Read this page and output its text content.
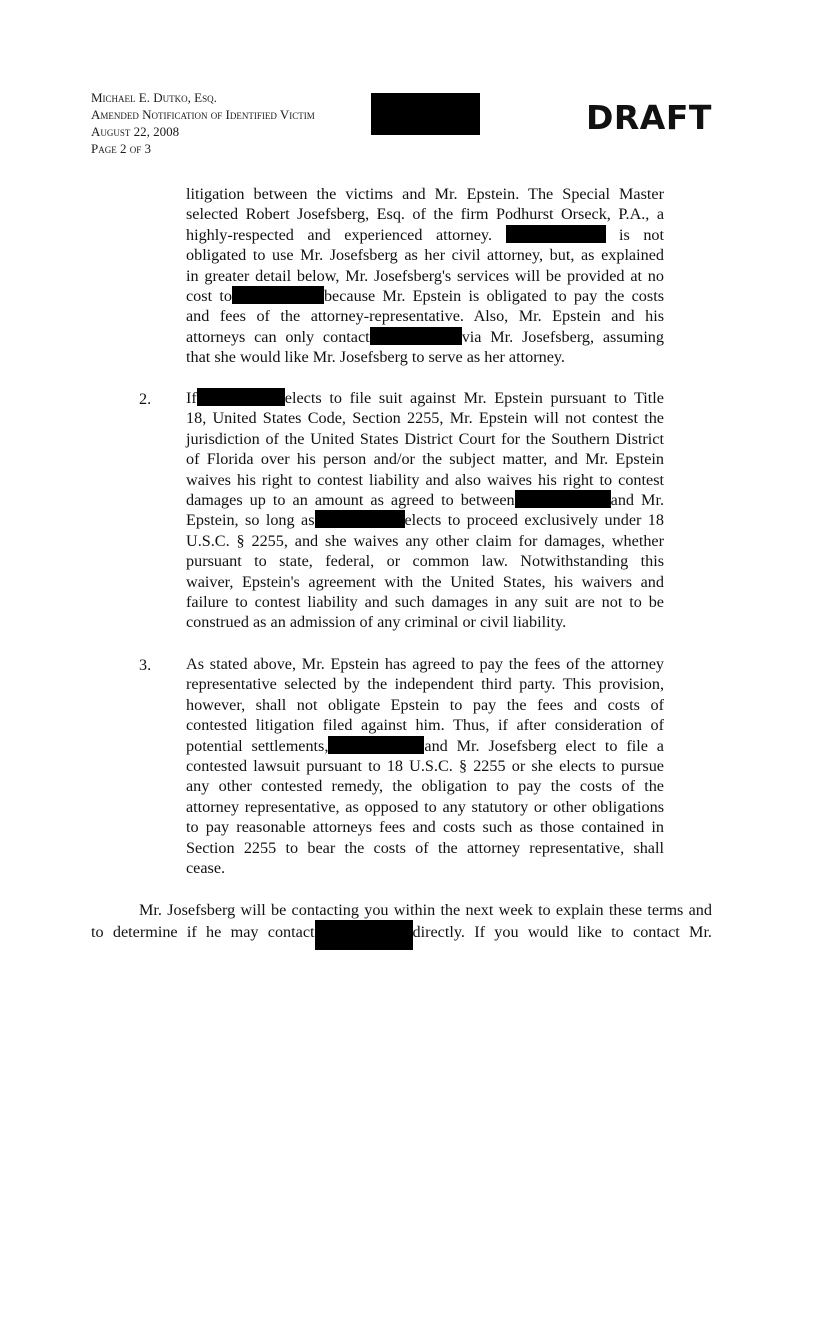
Michael E. Dutko, Esq.
Amended Notification of Identified Victim
August 22, 2008
Page 2 of 3
DRAFT
litigation between the victims and Mr. Epstein. The Special Master
selected Robert Josefsberg, Esq. of the firm Podhurst Orseck, P.A., a
highly-respected and experienced attorney.	is not
obligated to use Mr. Josefsberg as her civil attorney, but, as explained
in greater detail below, Mr. Josefsberg's services will be provided at no
cost to	because Mr. Epstein is obligated to pay the costs
and fees of the attorney-representative. Also, Mr. Epstein and his
attorneys can only contact	via Mr. Josefsberg, assuming
that she would like Mr. Josefsberg to serve as her attorney.
2. If	elects to file suit against Mr. Epstein pursuant to Title
18, United States Code, Section 2255, Mr. Epstein will not contest the
jurisdiction of the United States District Court for the Southern District
of Florida over his person and/or the subject matter, and Mr. Epstein
waives his right to contest liability and also waives his right to contest
damages up to an amount as agreed to between	and Mr.
Epstein, so long as	elects to proceed exclusively under 18
U.S.C. § 2255, and she waives any other claim for damages, whether
pursuant to state, federal, or common law. Notwithstanding this
waiver, Epstein's agreement with the United States, his waivers and
failure to contest liability and such damages in any suit are not to be
construed as an admission of any criminal or civil liability.
3. As stated above, Mr. Epstein has agreed to pay the fees of the attorney
representative selected by the independent third party. This provision,
however, shall not obligate Epstein to pay the fees and costs of
contested litigation filed against him. Thus, if after consideration of
potential settlements,	and Mr. Josefsberg elect to file a
contested lawsuit pursuant to 18 U.S.C. § 2255 or she elects to pursue
any other contested remedy, the obligation to pay the costs of the
attorney representative, as opposed to any statutory or other obligations
to pay reasonable attorneys fees and costs such as those contained in
Section 2255 to bear the costs of the attorney representative, shall
cease.
Mr. Josefsberg will be contacting you within the next week to explain these terms and
to determine if he may contact	directly. If you would like to contact Mr.
